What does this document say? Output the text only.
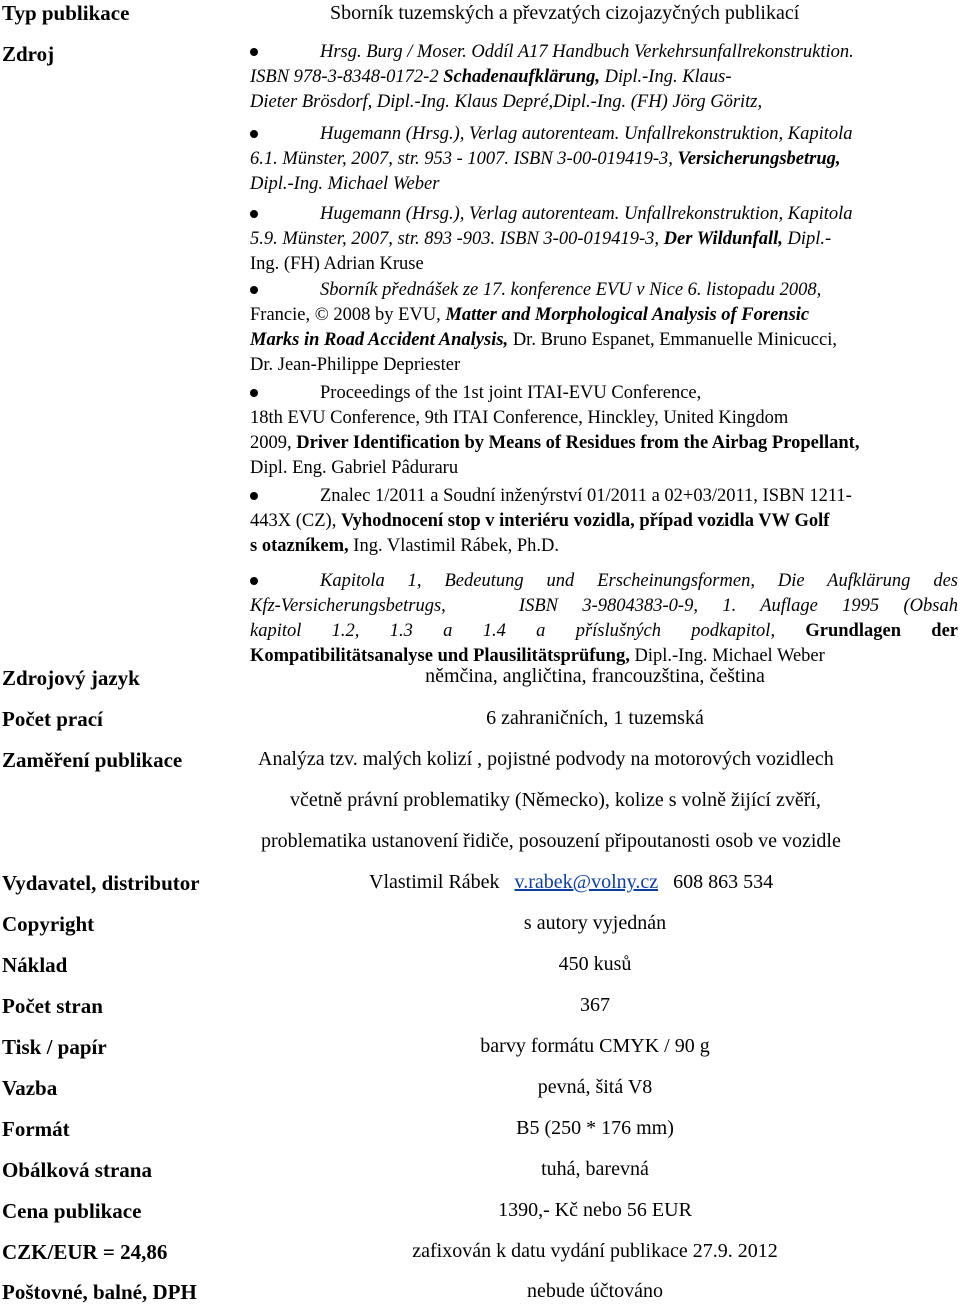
Typ publikace	Sborník tuzemských a převzatých cizojazyčných publikací
Zdroj	Hrsg. Burg / Moser. Oddíl A17 Handbuch Verkehrsunfallrekonstruktion.

ISBN 978-3-8348-0172-2 Schadenaufklärung, Dipl.-Ing. Klaus-

Dieter Brösdorf, Dipl.-Ing. Klaus Depré,Dipl.-Ing. (FH) Jörg Göritz,

Hugemann (Hrsg.), Verlag autorenteam. Unfallrekonstruktion, Kapitola

6.1. Münster, 2007, str. 953 - 1007. ISBN 3-00-019419-3, Versicherungsbetrug,

Dipl.-Ing. Michael Weber

Hugemann (Hrsg.), Verlag autorenteam. Unfallrekonstruktion, Kapitola

5.9. Münster, 2007, str. 893 -903. ISBN 3-00-019419-3, Der Wildunfall, Dipl.-

Ing. (FH) Adrian Kruse

Sborník přednášek ze 17. konference EVU v Nice 6. listopadu 2008,

Francie, © 2008 by EVU, Matter and Morphological Analysis of Forensic

Marks in Road Accident Analysis, Dr. Bruno Espanet, Emmanuelle Minicucci,

Dr. Jean-Philippe Depriester

Proceedings of the 1st joint ITAI-EVU Conference,

18th EVU Conference, 9th ITAI Conference, Hinckley, United Kingdom

2009, Driver Identification by Means of Residues from the Airbag Propellant,

Dipl. Eng. Gabriel Pâduraru

Znalec 1/2011 a Soudní inženýrství 01/2011 a 02+03/2011, ISBN 1211-

443X (CZ), Vyhodnocení stop v interiéru vozidla, případ vozidla VW Golf

s otazníkem, Ing. Vlastimil Rábek, Ph.D.

Kapitola 1, Bedeutung und Erscheinungsformen, Die Aufklärung des

Kfz-Versicherungsbetrugs,   ISBN 3-9804383-0-9, 1. Auflage 1995 (Obsah

kapitol 1.2, 1.3 a 1.4 a příslušných podkapitol, Grundlagen der

Kompatibilitätsanalyse und Plausilitätsprüfung, Dipl.-Ing. Michael Weber

Zdrojový jazyk	němčina, angličtina, francouzština, čeština
Počet prací	6 zahraničních, 1 tuzemská
Zaměření publikace	Analýza tzv. malých kolizí , pojistné podvody na motorových vozidlech
včetně právní problematiky (Německo), kolize s volně žijící zvěří,
problematika ustanovení řidiče, posouzení připoutanosti osob ve vozidle
Vydavatel, distributor	Vlastimil Rábek v.rabek@volny.cz 608 863 534
Copyright	s autory vyjednán
Náklad	450 kusů
Počet stran	367
Tisk / papír	barvy formátu CMYK / 90 g
Vazba	pevná, šitá V8
Formát	B5 (250 * 176 mm)
Obálková strana	tuhá, barevná
Cena publikace	1390,- Kč nebo 56 EUR
CZK/EUR = 24,86	zafixován k datu vydání publikace 27.9. 2012
Poštovné, balné, DPH	nebude účtováno
